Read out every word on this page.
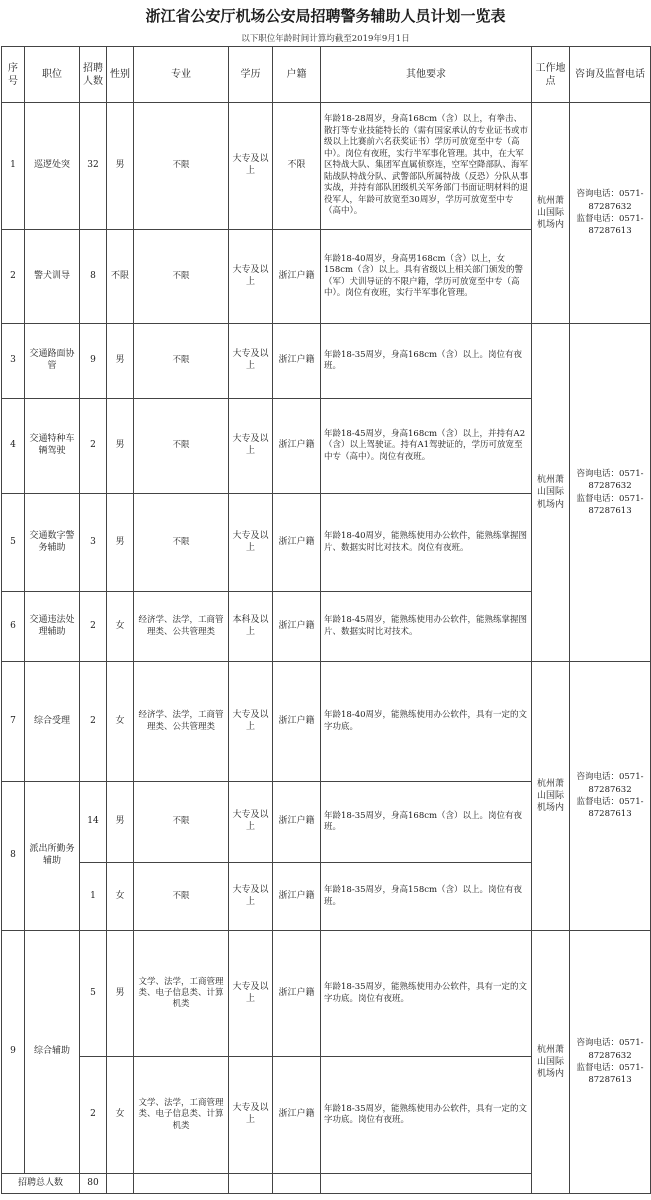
浙江省公安厅机场公安局招聘警务辅助人员计划一览表
以下职位年龄时间计算均截至2019年9月1日
序号	职位	招聘人数	性别	专业	学历	户籍	其他要求	工作地点	咨询及监督电话	
1	巡逻处突	32	男	不限	大专及以上	不限	年龄18-28周岁，身高168cm（含）以上，有拳击、散打等专业技能特长的（需有国家承认的专业证书或市级以上比赛前六名获奖证书）学历可放宽至中专（高中）。岗位有夜班，实行半军事化管理。其中，在大军区特战大队、集团军直属侦察连，空军空降部队、海军陆战队特战分队、武警部队所属特战（反恐）分队从事实战，并持有部队团级机关军务部门书面证明材料的退役军人，年龄可放宽至30周岁，学历可放宽至中专（高中）。	杭州萧山国际机场内	咨询电话：0571-87287632
监督电话：0571-87287613	

2	警犬训导	8	不限	不限	大专及以上	浙江户籍	年龄18-40周岁，身高男168cm（含）以上，女158cm（含）以上。具有省级以上相关部门颁发的警（军）犬训导证的不限户籍，学历可放宽至中专（高中）。岗位有夜班，实行半军事化管理。			
3	交通路面协管	9	男	不限	大专及以上	浙江户籍	年龄18-35周岁，身高168cm（含）以上。岗位有夜班。	杭州萧山国际机场内	咨询电话：0571-87287632
监督电话：0571-87287613	

4	交通特种车辆驾驶	2	男	不限	大专及以上	浙江户籍	年龄18-45周岁，身高168cm（含）以上，并持有A2（含）以上驾驶证。持有A1驾驶证的，学历可放宽至中专（高中）。岗位有夜班。			
5	交通数字警务辅助	3	男	不限	大专及以上	浙江户籍	年龄18-40周岁，能熟练使用办公软件，能熟练掌握图片、数据实时比对技术。岗位有夜班。			
6	交通违法处理辅助	2	女	经济学、法学，工商管理类、公共管理类	本科及以上	浙江户籍	年龄18-45周岁，能熟练使用办公软件，能熟练掌握图片、数据实时比对技术。			
7	综合受理	2	女	经济学、法学，工商管理类、公共管理类	大专及以上	浙江户籍	年龄18-40周岁，能熟练使用办公软件，具有一定的文字功底。	杭州萧山国际机场内	咨询电话：0571-87287632
监督电话：0571-87287613	

8	派出所勤务辅助	14	男	不限	大专及以上	浙江户籍	年龄18-35周岁，身高168cm（含）以上。岗位有夜班。			
		1	女	不限	大专及以上	浙江户籍	年龄18-35周岁，身高158cm（含）以上。岗位有夜班。			
9	综合辅助	5	男	文学、法学，工商管理类、电子信息类、计算机类	大专及以上	浙江户籍	年龄18-35周岁，能熟练使用办公软件，具有一定的文字功底。岗位有夜班。	杭州萧山国际机场内	咨询电话：0571-87287632
监督电话：0571-87287613	

		2	女	文学、法学，工商管理类、电子信息类、计算机类	大专及以上	浙江户籍	年龄18-35周岁，能熟练使用办公软件，具有一定的文字功底。岗位有夜班。			
招聘总人数		80								
